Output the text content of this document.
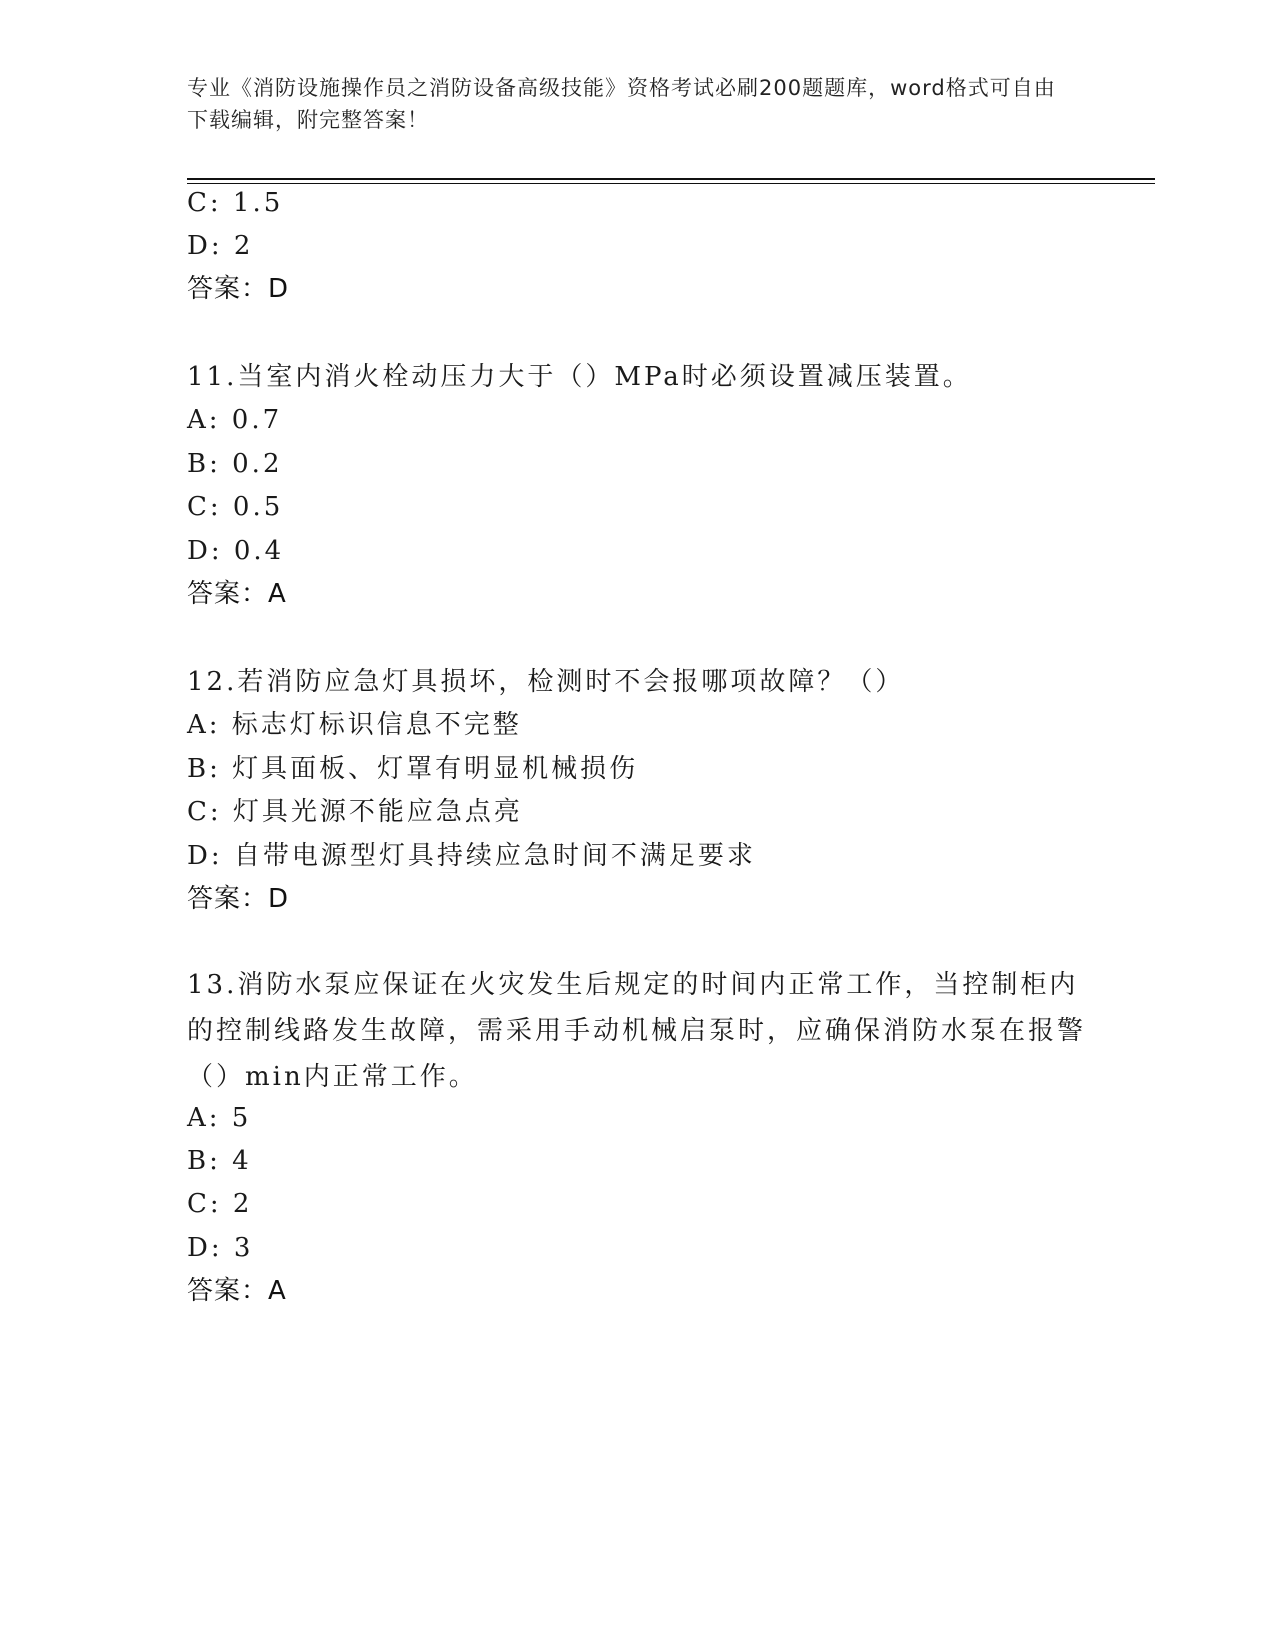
专业《消防设施操作员之消防设备高级技能》资格考试必刷200题题库，word格式可自由下载编辑，附完整答案！
C: 1.5
D: 2
答案：D
11.当室内消火栓动压力大于（）MPa时必须设置减压装置。
A: 0.7
B: 0.2
C: 0.5
D: 0.4
答案：A
12.若消防应急灯具损坏，检测时不会报哪项故障？（）
A: 标志灯标识信息不完整
B: 灯具面板、灯罩有明显机械损伤
C: 灯具光源不能应急点亮
D: 自带电源型灯具持续应急时间不满足要求
答案：D
13.消防水泵应保证在火灾发生后规定的时间内正常工作，当控制柜内的控制线路发生故障，需采用手动机械启泵时，应确保消防水泵在报警（）min内正常工作。
A: 5
B: 4
C: 2
D: 3
答案：A
